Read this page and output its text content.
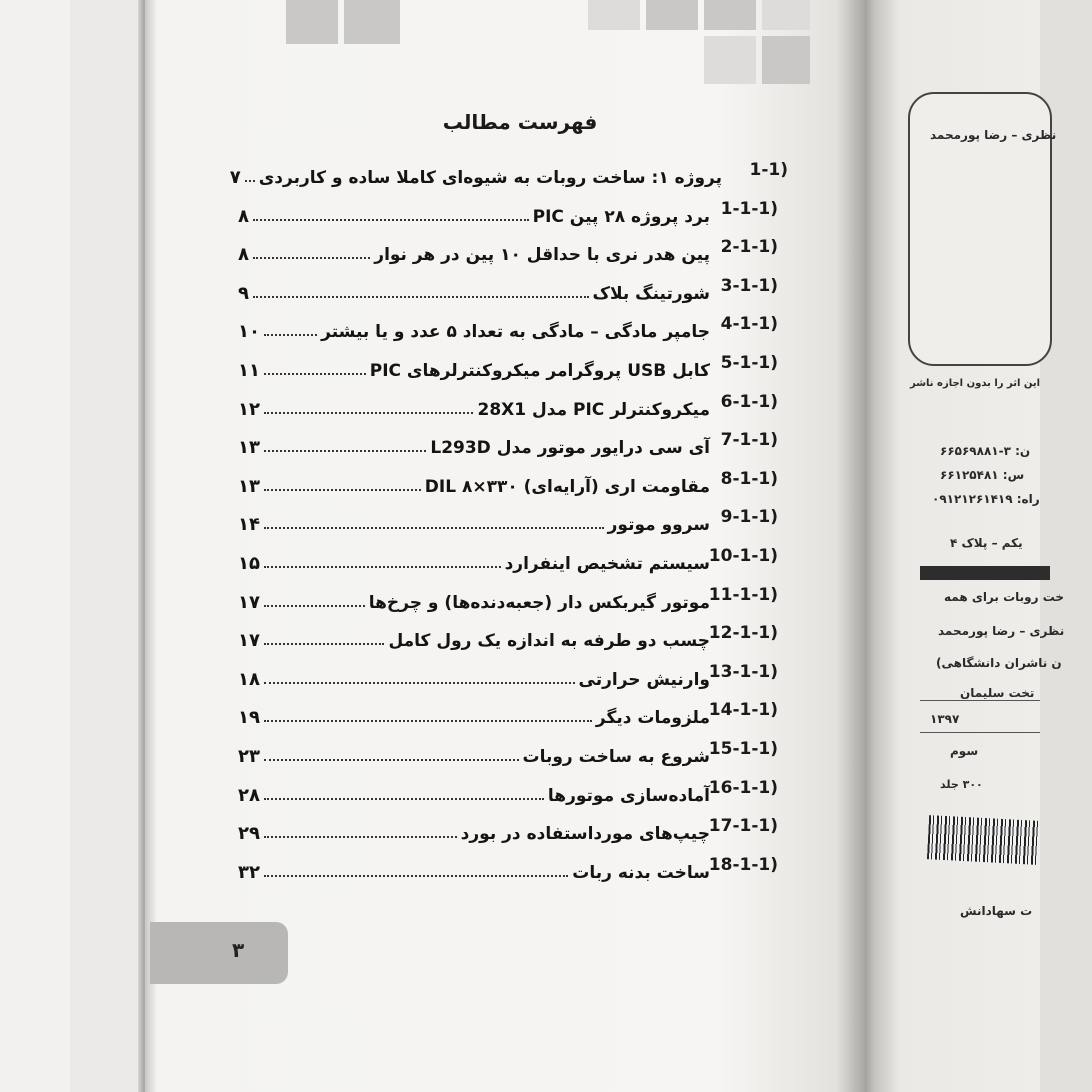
نظری – رضا پورمحمد
این اثر را بدون اجازه ناشر
ن: ۳-۶۶۵۶۹۸۸۱
س: ۶۶۱۲۵۴۸۱
راه: ۰۹۱۲۱۲۶۱۴۱۹
یکم – پلاک ۴
خت روبات برای همه
نظری – رضا پورمحمد
ن ناشران دانشگاهی)
تخت سلیمان
۱۳۹۷
سوم
۳۰۰ جلد
ت سهادانش
فهرست مطالب
(1-1
پروژه ۱: ساخت روبات به شیوه‌ای کاملا ساده و کاربردی
۷
(1-1-1
برد پروژه ۲۸ پین PIC
۸
(2-1-1
پین هدر نری با حداقل ۱۰ پین در هر نوار
۸
(3-1-1
شورتینگ بلاک
۹
(4-1-1
جامپر مادگی – مادگی به تعداد ۵ عدد و یا بیشتر
۱۰
(5-1-1
کابل USB پروگرامر میکروکنترلرهای PIC
۱۱
(6-1-1
میکروکنترلر PIC مدل 28X1
۱۲
(7-1-1
آی سی درایور موتور مدل L293D
۱۳
(8-1-1
مقاومت اری (آرایه‌ای) DIL ۸×۳۳۰
۱۳
(9-1-1
سروو موتور
۱۴
(10-1-1
سیستم تشخیص اینفرارد
۱۵
(11-1-1
موتور گیربکس دار (جعبه‌دنده‌ها) و چرخ‌ها
۱۷
(12-1-1
چسب دو طرفه به اندازه یک رول کامل
۱۷
(13-1-1
وارنیش حرارتی
۱۸
(14-1-1
ملزومات دیگر
۱۹
(15-1-1
شروع به ساخت روبات
۲۳
(16-1-1
آماده‌سازی موتورها
۲۸
(17-1-1
چیپ‌های مورداستفاده در بورد
۲۹
(18-1-1
ساخت بدنه ربات
۳۲
۳
